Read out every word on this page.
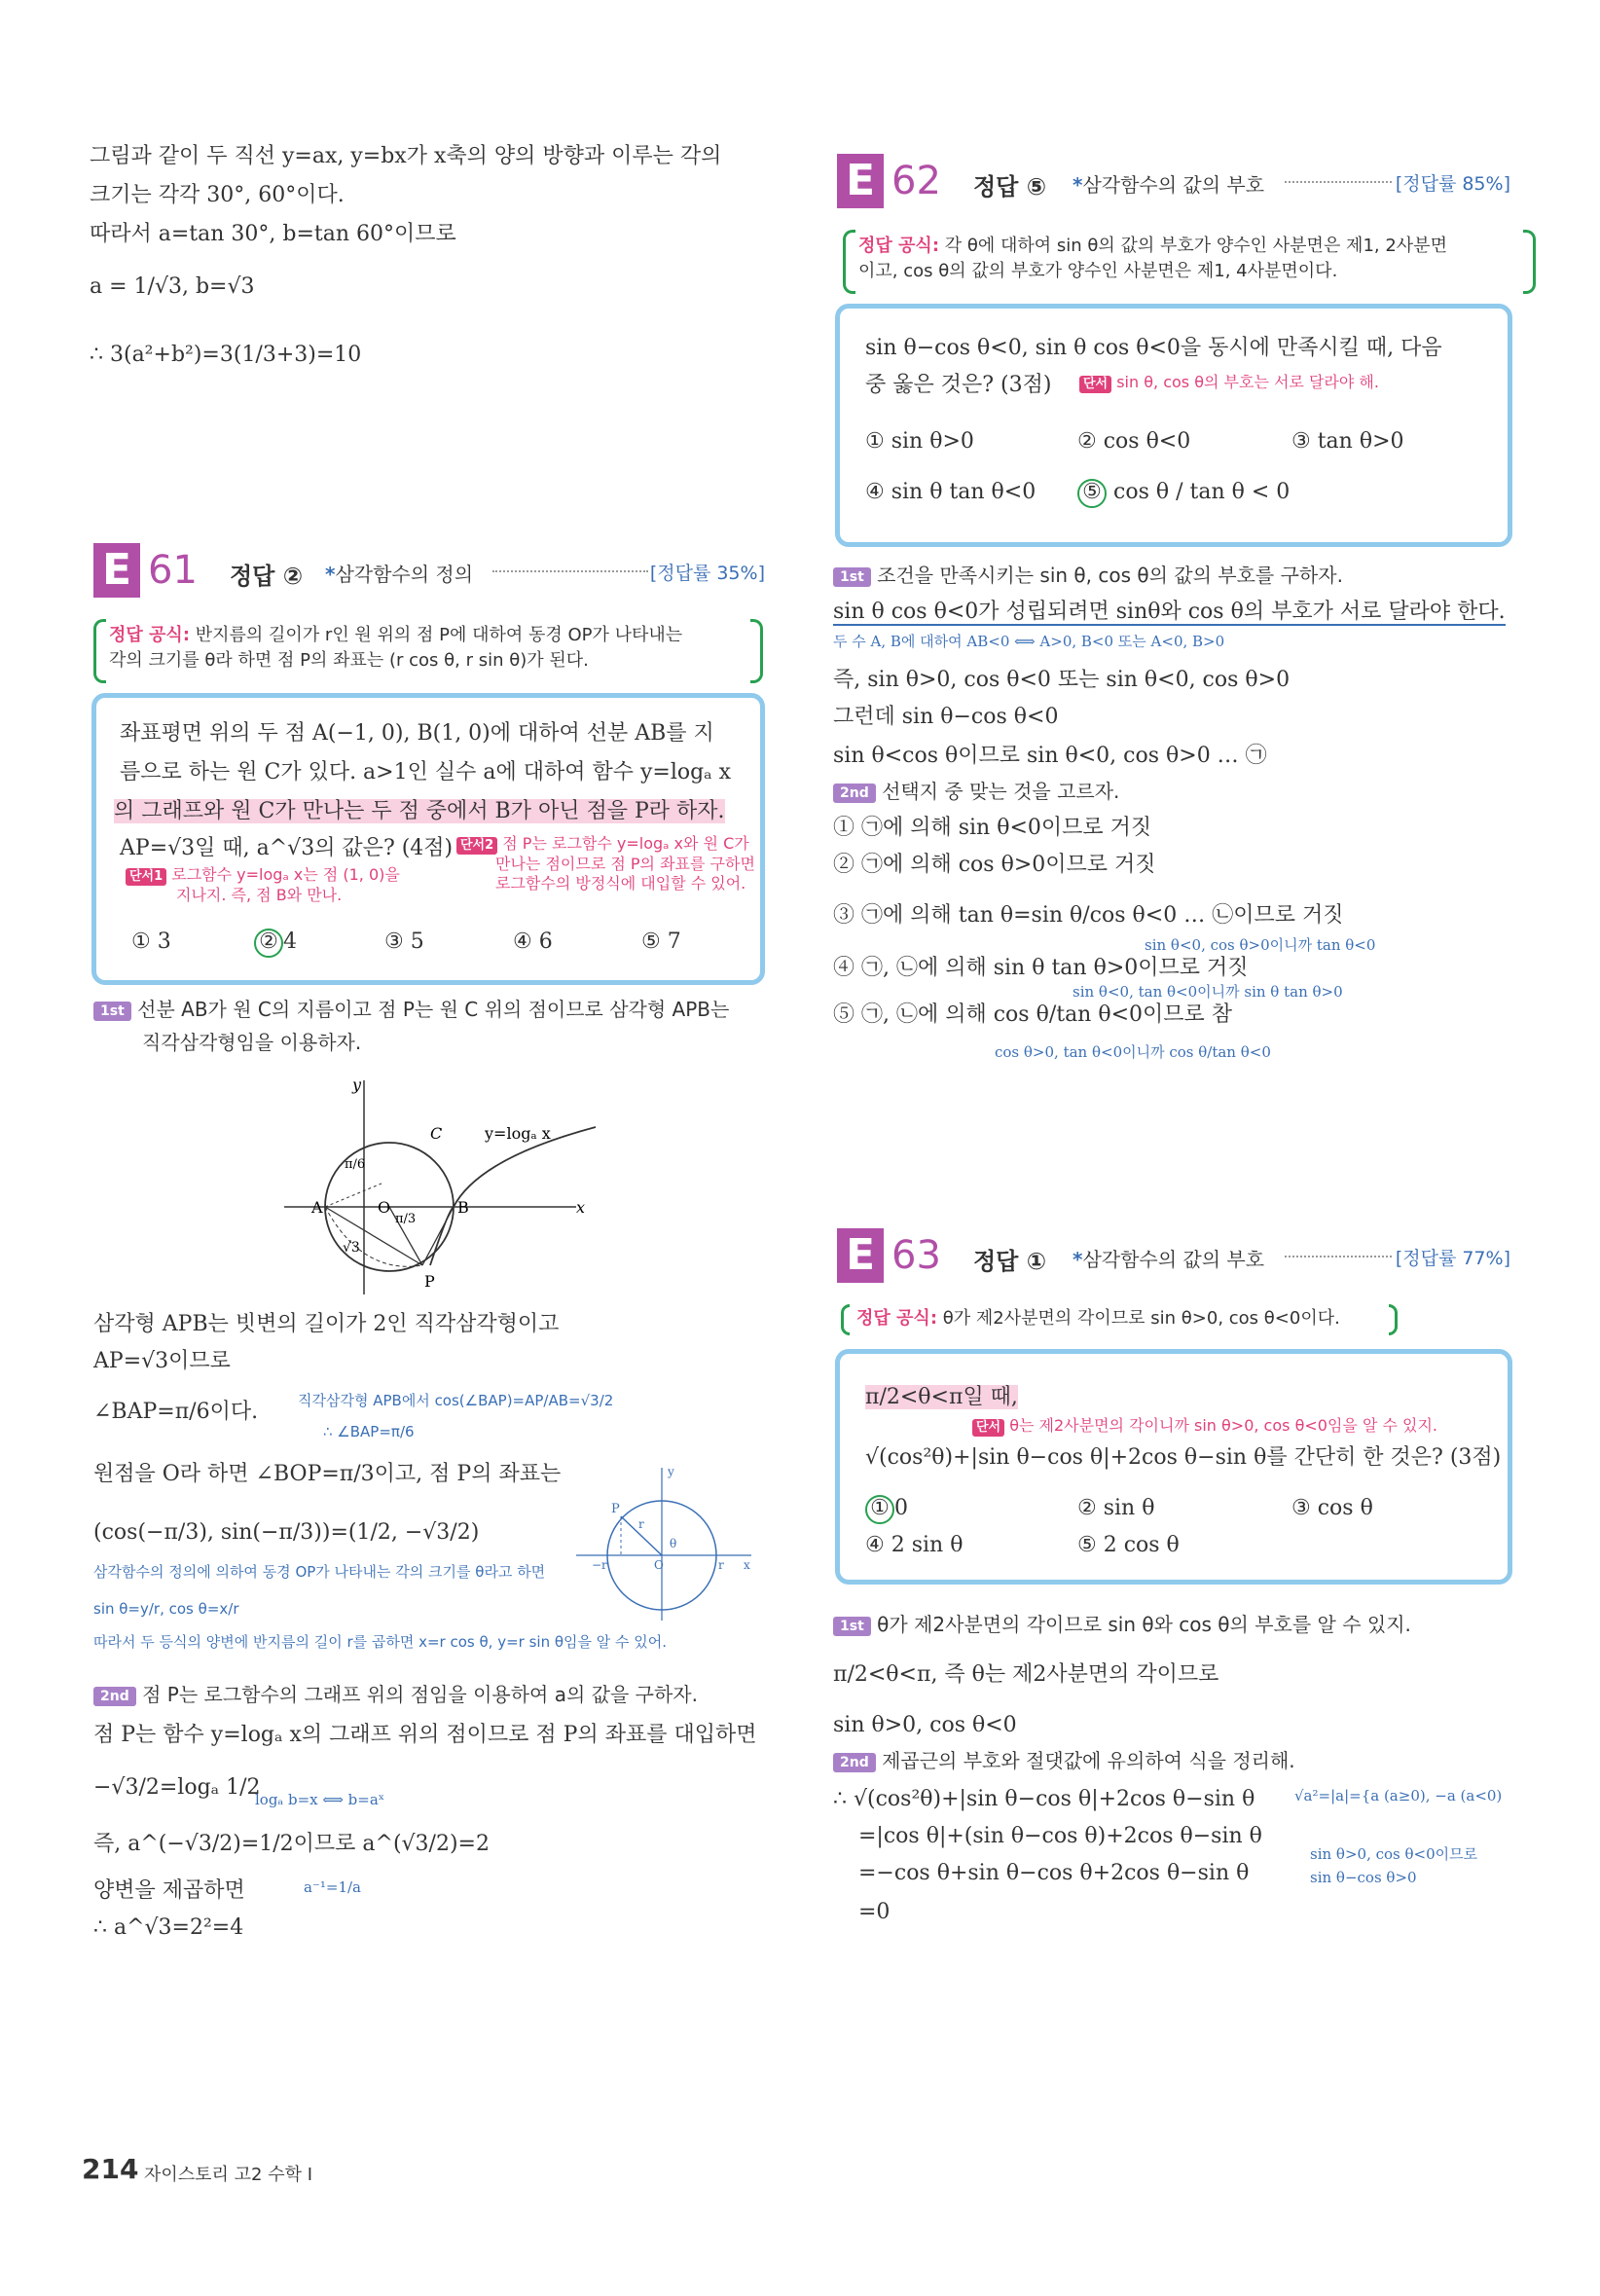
그림과 같이 두 직선 y=ax, y=bx가 x축의 양의 방향과 이루는 각의
크기는 각각 30°, 60°이다.
따라서 a=tan 30°, b=tan 60°이므로
a = 1/√3, b=√3
∴ 3(a²+b²)=3(1/3+3)=10
E 61 정답 ② *삼각함수의 정의	[정답률 35%]
정답 공식: 반지름의 길이가 r인 원 위의 점 P에 대하여 동경 OP가 나타내는
각의 크기를 θ라 하면 점 P의 좌표는 (r cos θ, r sin θ)가 된다.
좌표평면 위의 두 점 A(−1, 0), B(1, 0)에 대하여 선분 AB를 지
름으로 하는 원 C가 있다. a>1인 실수 a에 대하여 함수 y=logₐ x
의 그래프와 원 C가 만나는 두 점 중에서 B가 아닌 점을 P라 하자.
AP=√3일 때, a^√3의 값은? (4점) 단서2 점 P는 로그함수 y=logₐ x와 원 C가
만나는 점이므로 점 P의 좌표를 구하면
로그함수의 방정식에 대입할 수 있어.
단서1 로그함수 y=logₐ x는 점 (1, 0)을
지나지. 즉, 점 B와 만나.
① 3	② 4	③ 5	④ 6	⑤ 7
1st 선분 AB가 원 C의 지름이고 점 P는 원 C 위의 점이므로 삼각형 APB는
직각삼각형임을 이용하자.
y
x
C	y=logₐ x
A	O	B
P
π/6
π/3
√3
삼각형 APB는 빗변의 길이가 2인 직각삼각형이고
AP=√3이므로
∠BAP=π/6이다.	직각삼각형 APB에서 cos(∠BAP)=AP/AB=√3/2
∴ ∠BAP=π/6
원점을 O라 하면 ∠BOP=π/3이고, 점 P의 좌표는
(cos(−π/3), sin(−π/3))=(1/2, −√3/2)
삼각함수의 정의에 의하여 동경 OP가 나타내는 각의 크기를 θ라고 하면
sin θ=y/r, cos θ=x/r
따라서 두 등식의 양변에 반지름의 길이 r를 곱하면 x=r cos θ, y=r sin θ임을 알 수 있어.
P
r
y
x
O
θ
−r	r
2nd 점 P는 로그함수의 그래프 위의 점임을 이용하여 a의 값을 구하자.
점 P는 함수 y=logₐ x의 그래프 위의 점이므로 점 P의 좌표를 대입하면
−√3/2=logₐ 1/2
logₐ b=x ⟺ b=aˣ
즉, a^(−√3/2)=1/2이므로 a^(√3/2)=2
양변을 제곱하면	a⁻¹=1/a
∴ a^√3=2²=4
E 62 정답 ⑤ *삼각함수의 값의 부호	[정답률 85%]
정답 공식: 각 θ에 대하여 sin θ의 값의 부호가 양수인 사분면은 제1, 2사분면
이고, cos θ의 값의 부호가 양수인 사분면은 제1, 4사분면이다.
sin θ−cos θ<0, sin θ cos θ<0을 동시에 만족시킬 때, 다음
중 옳은 것은? (3점)	단서 sin θ, cos θ의 부호는 서로 달라야 해.
① sin θ>0	② cos θ<0	③ tan θ>0
④ sin θ tan θ<0 ⑤ cos θ / tan θ < 0
1st 조건을 만족시키는 sin θ, cos θ의 값의 부호를 구하자.
sin θ cos θ<0가 성립되려면 sinθ와 cos θ의 부호가 서로 달라야 한다.
두 수 A, B에 대하여 AB<0 ⟺ A>0, B<0 또는 A<0, B>0
즉, sin θ>0, cos θ<0 또는 sin θ<0, cos θ>0
그런데 sin θ−cos θ<0
sin θ<cos θ이므로 sin θ<0, cos θ>0 … ㉠
2nd 선택지 중 맞는 것을 고르자.
① ㉠에 의해 sin θ<0이므로 거짓
② ㉠에 의해 cos θ>0이므로 거짓
③ ㉠에 의해 tan θ=sin θ/cos θ<0 … ㉡이므로 거짓
sin θ<0, cos θ>0이니까 tan θ<0
④ ㉠, ㉡에 의해 sin θ tan θ>0이므로 거짓
sin θ<0, tan θ<0이니까 sin θ tan θ>0
⑤ ㉠, ㉡에 의해 cos θ/tan θ<0이므로 참
cos θ>0, tan θ<0이니까 cos θ/tan θ<0
E 63 정답 ① *삼각함수의 값의 부호	[정답률 77%]
정답 공식: θ가 제2사분면의 각이므로 sin θ>0, cos θ<0이다.
π/2<θ<π일 때,
단서 θ는 제2사분면의 각이니까 sin θ>0, cos θ<0임을 알 수 있지.
√(cos²θ)+|sin θ−cos θ|+2cos θ−sin θ를 간단히 한 것은? (3점)
① 0	② sin θ	③ cos θ
④ 2 sin θ	⑤ 2 cos θ
1st θ가 제2사분면의 각이므로 sin θ와 cos θ의 부호를 알 수 있지.
π/2<θ<π, 즉 θ는 제2사분면의 각이므로
sin θ>0, cos θ<0
2nd 제곱근의 부호와 절댓값에 유의하여 식을 정리해.
∴ √(cos²θ)+|sin θ−cos θ|+2cos θ−sin θ	√a²=|a|={a (a≥0), −a (a<0)
=|cos θ|+(sin θ−cos θ)+2cos θ−sin θ
=−cos θ+sin θ−cos θ+2cos θ−sin θ
sin θ>0, cos θ<0이므로
sin θ−cos θ>0
=0
214 자이스토리 고2 수학 I
